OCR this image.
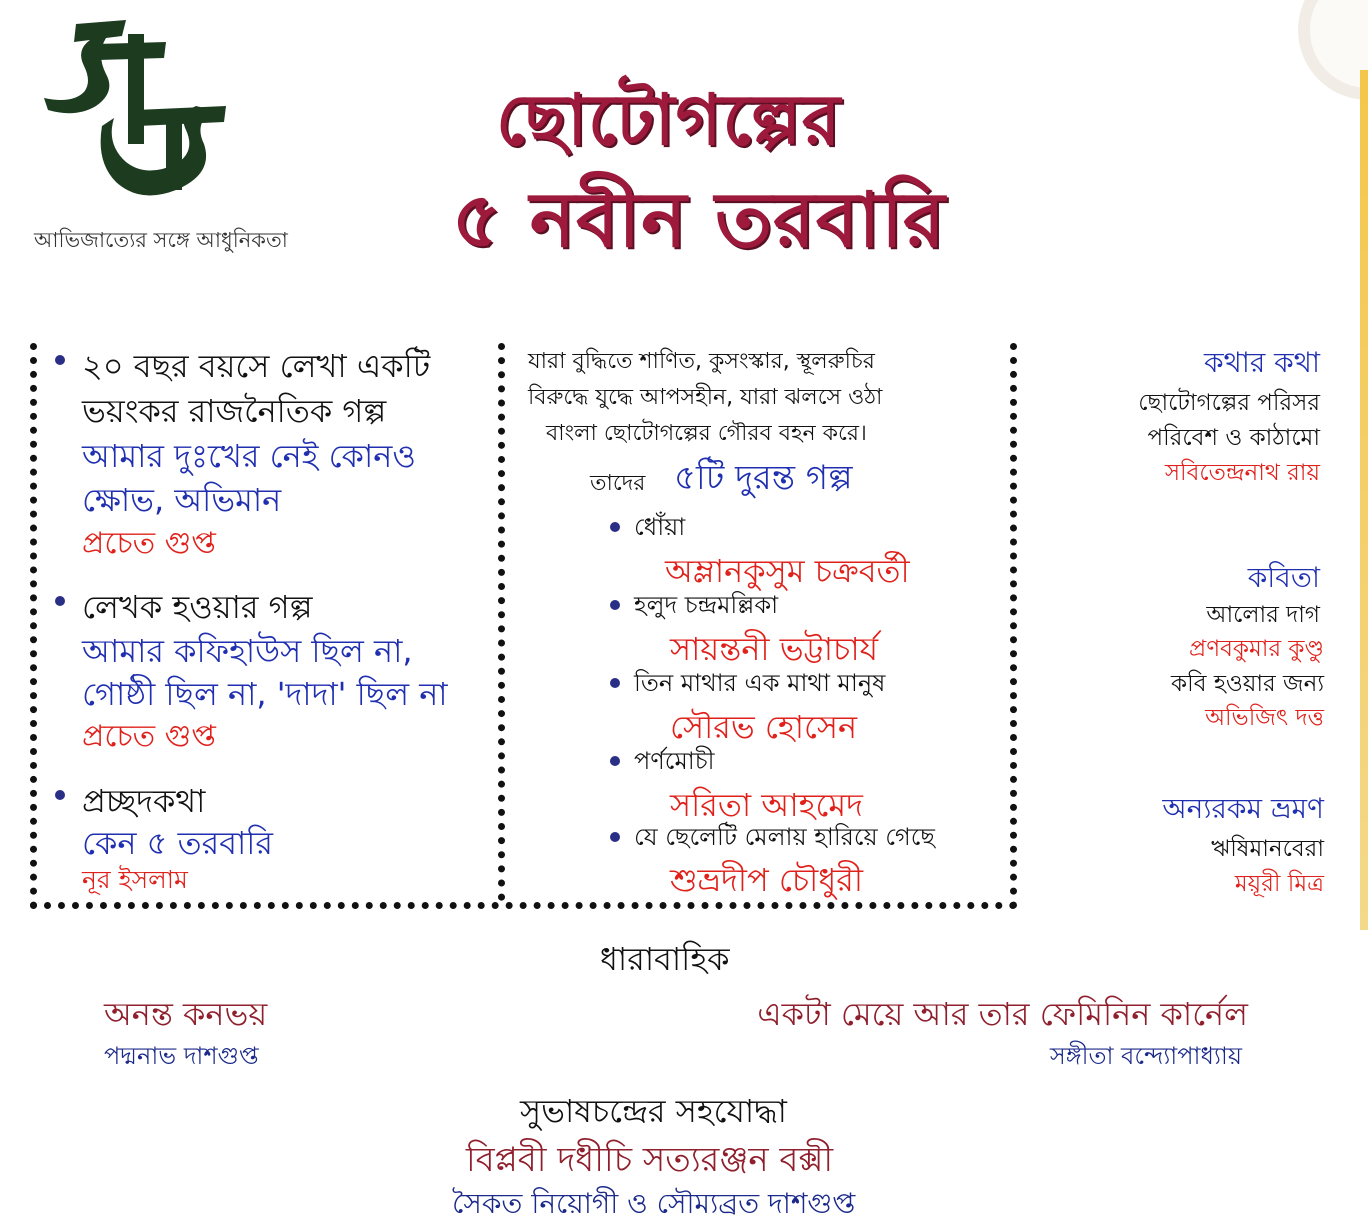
আভিজাত্যের সঙ্গে আধুনিকতা
ছোটোগল্পের
৫ নবীন তরবারি
২০ বছর বয়সে লেখা একটি
ভয়ংকর রাজনৈতিক গল্প
আমার দুঃখের নেই কোনও
ক্ষোভ, অভিমান
প্রচেত গুপ্ত
লেখক হওয়ার গল্প
আমার কফিহাউস ছিল না,
গোষ্ঠী ছিল না, 'দাদা' ছিল না
প্রচেত গুপ্ত
প্রচ্ছদকথা
কেন ৫ তরবারি
নূর ইসলাম
যারা বুদ্ধিতে শাণিত, কুসংস্কার, স্থূলরুচির
বিরুদ্ধে যুদ্ধে আপসহীন, যারা ঝলসে ওঠা
বাংলা ছোটোগল্পের গৌরব বহন করে।
তাদের ৫টি দুরন্ত গল্প
ধোঁয়া
অম্লানকুসুম চক্রবর্তী
হলুদ চন্দ্রমল্লিকা
সায়ন্তনী ভট্টাচার্য
তিন মাথার এক মাথা মানুষ
সৌরভ হোসেন
পর্ণমোচী
সরিতা আহমেদ
যে ছেলেটি মেলায় হারিয়ে গেছে
শুভ্রদীপ চৌধুরী
কথার কথা
ছোটোগল্পের পরিসর
পরিবেশ ও কাঠামো
সবিতেন্দ্রনাথ রায়
কবিতা
আলোর দাগ
প্রণবকুমার কুণ্ডু
কবি হওয়ার জন্য
অভিজিৎ দত্ত
অন্যরকম ভ্রমণ
ঋষিমানবেরা
ময়ূরী মিত্র
ধারাবাহিক
অনন্ত কনভয়
পদ্মনাভ দাশগুপ্ত
একটা মেয়ে আর তার ফেমিনিন কার্নেল
সঙ্গীতা বন্দ্যোপাধ্যায়
সুভাষচন্দ্রের সহযোদ্ধা
বিপ্লবী দধীচি সত্যরঞ্জন বক্সী
সৈকত নিয়োগী ও সৌম্যব্রত দাশগুপ্ত
